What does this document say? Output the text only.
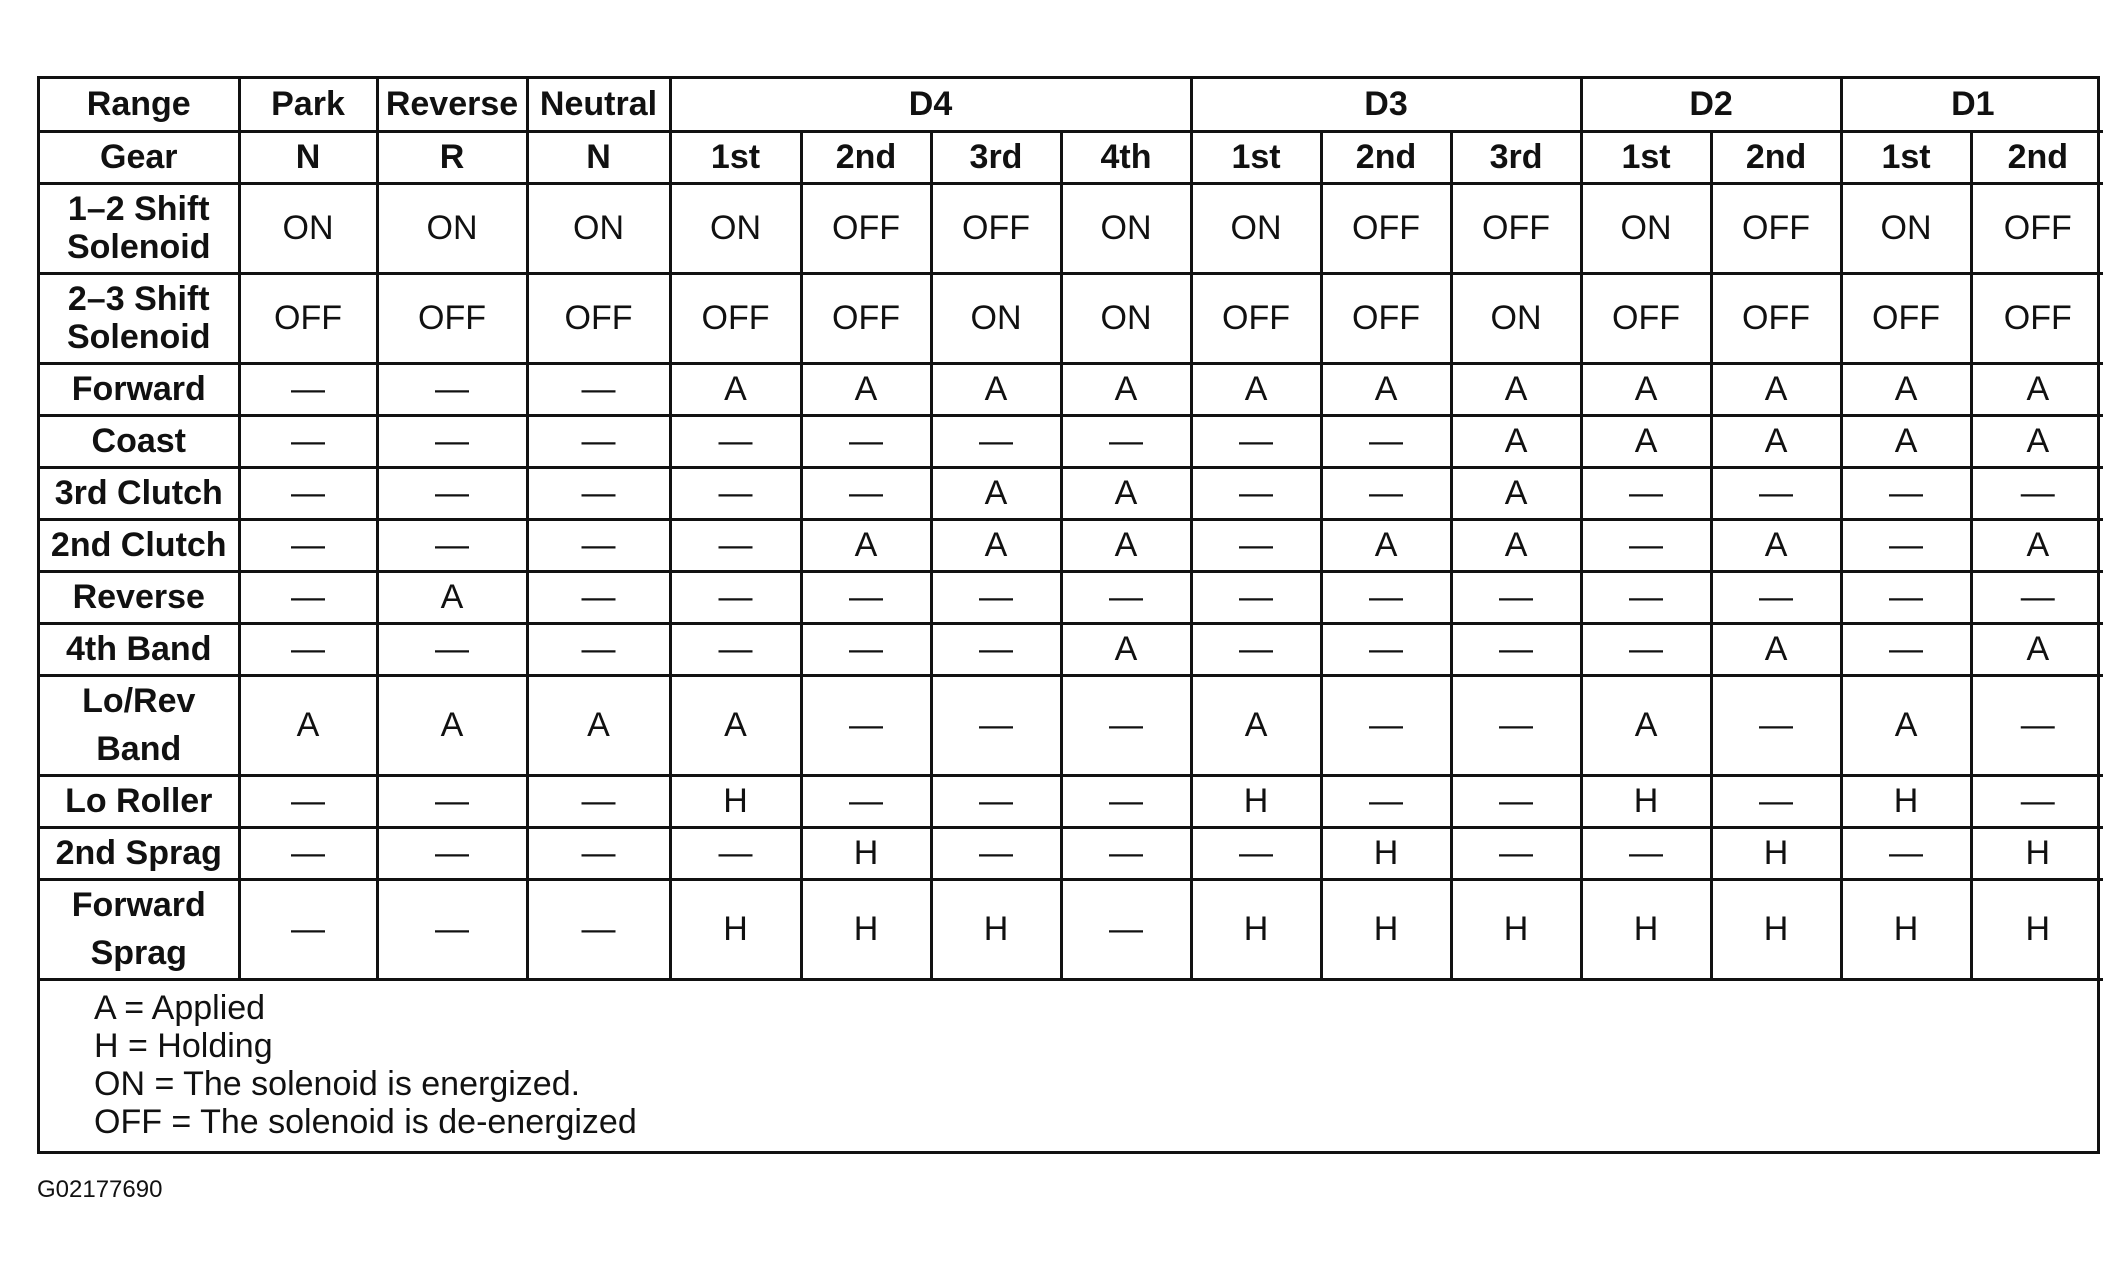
Range	Park	Reverse	Neutral	D4				D3			D2		D1	
Gear	N	R	N	1st	2nd	3rd	4th	1st	2nd	3rd	1st	2nd	1st	2nd

1–2 Shift
Solenoid	ON	ON	ON	ON	OFF	OFF	ON	ON	OFF	OFF	ON	OFF	ON	OFF

2–3 Shift
Solenoid	OFF	OFF	OFF	OFF	OFF	ON	ON	OFF	OFF	ON	OFF	OFF	OFF	OFF

Forward	—	—	—	A	A	A	A	A	A	A	A	A	A	A

Coast	—	—	—	—	—	—	—	—	—	A	A	A	A	A

3rd Clutch	—	—	—	—	—	A	A	—	—	A	—	—	—	—

2nd Clutch	—	—	—	—	A	A	A	—	A	A	—	A	—	A

Reverse	—	A	—	—	—	—	—	—	—	—	—	—	—	—

4th Band	—	—	—	—	—	—	A	—	—	—	—	A	—	A

Lo/Rev
Band	A	A	A	A	—	—	—	A	—	—	A	—	A	—

Lo Roller	—	—	—	H	—	—	—	H	—	—	H	—	H	—

2nd Sprag	—	—	—	—	H	—	—	—	H	—	—	H	—	H

Forward
Sprag	—	—	—	H	H	H	—	H	H	H	H	H	H	H
A = Applied
H = Holding
ON = The solenoid is energized.
OFF = The solenoid is de-energized
G02177690
